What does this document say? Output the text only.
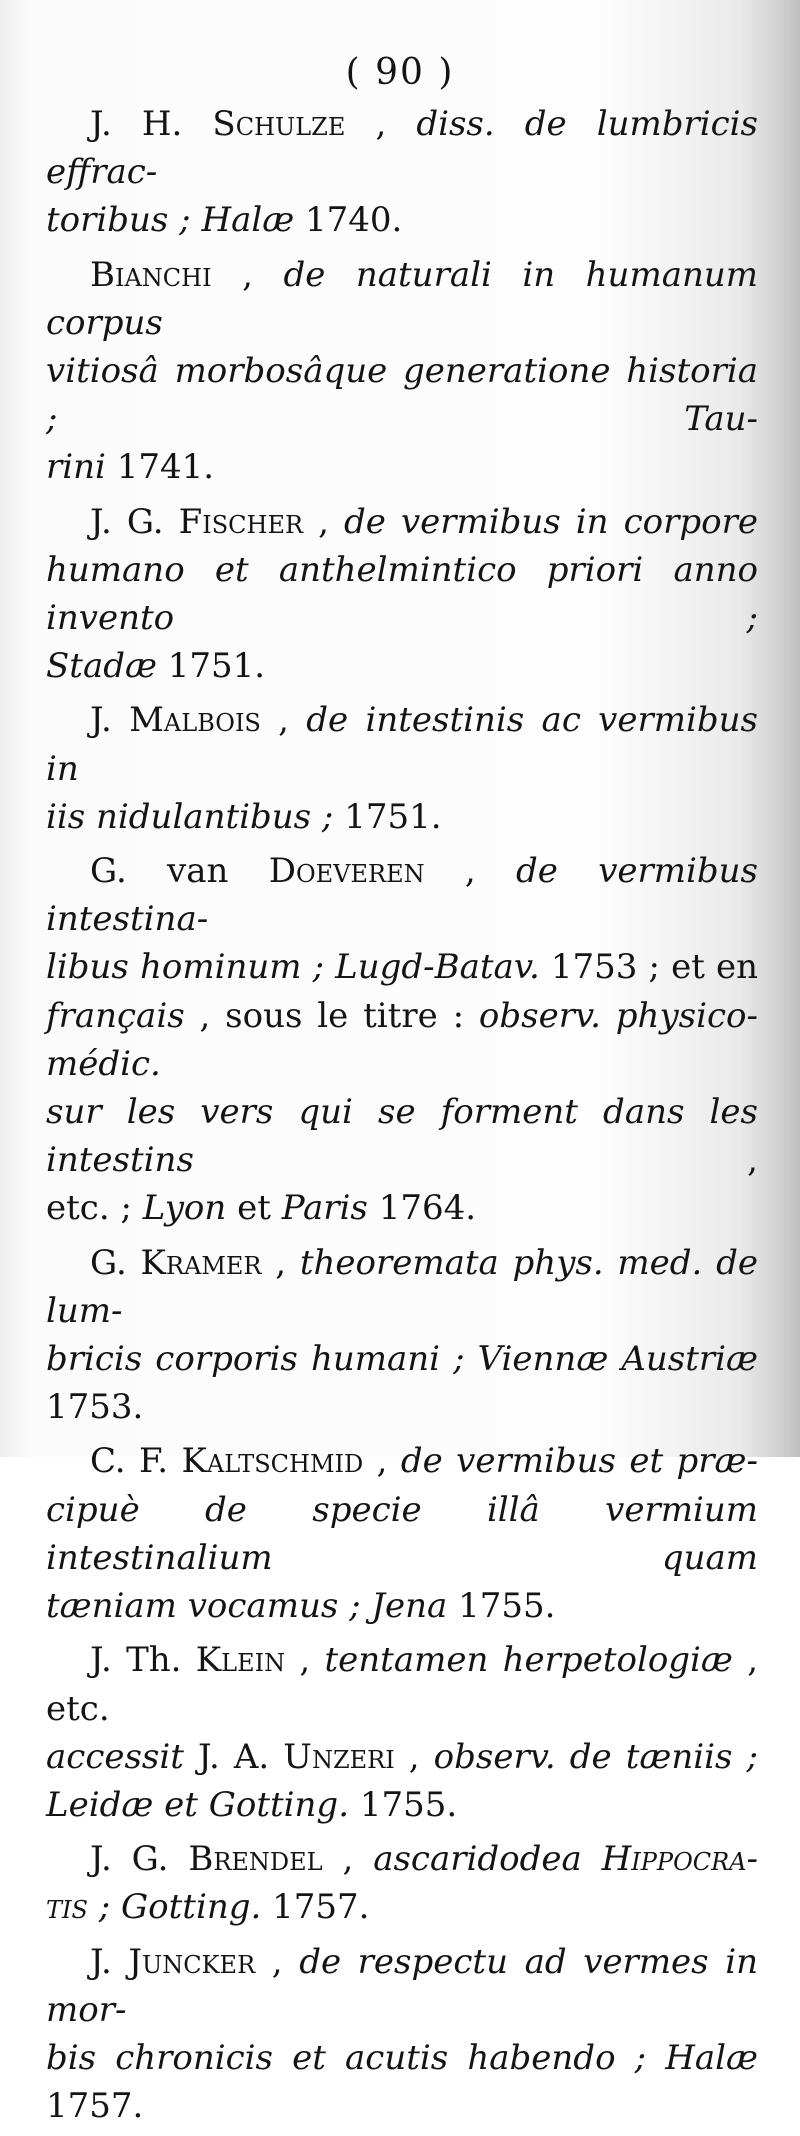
( 90 )

J. H. Schulze , diss. de lumbricis effrac-

toribus ; Halæ 1740.

Bianchi , de naturali in humanum corpus

vitiosâ morbosâque generatione historia ; Tau-

rini 1741.

J. G. Fischer , de vermibus in corpore

humano et anthelmintico priori anno invento ;

Stadæ 1751.

J. Malbois , de intestinis ac vermibus in

iis nidulantibus ; 1751.

G. van Doeveren , de vermibus intestina-

libus hominum ; Lugd-Batav. 1753 ; et en

français , sous le titre : observ. physico-médic.

sur les vers qui se forment dans les intestins ,

etc. ; Lyon et Paris 1764.

G. Kramer , theoremata phys. med. de lum-

bricis corporis humani ; Viennæ Austriæ 1753.

C. F. Kaltschmid , de vermibus et præ-

cipuè de specie illâ vermium intestinalium quam

tæniam vocamus ; Jena 1755.

J. Th. Klein , tentamen herpetologiæ , etc.

accessit J. A. Unzeri , observ. de tæniis ;

Leidæ et Gotting. 1755.

J. G. Brendel , ascaridodea Hippocra-

tis ; Gotting. 1757.

J. Juncker , de respectu ad vermes in mor-

bis chronicis et acutis habendo ; Halæ 1757.
